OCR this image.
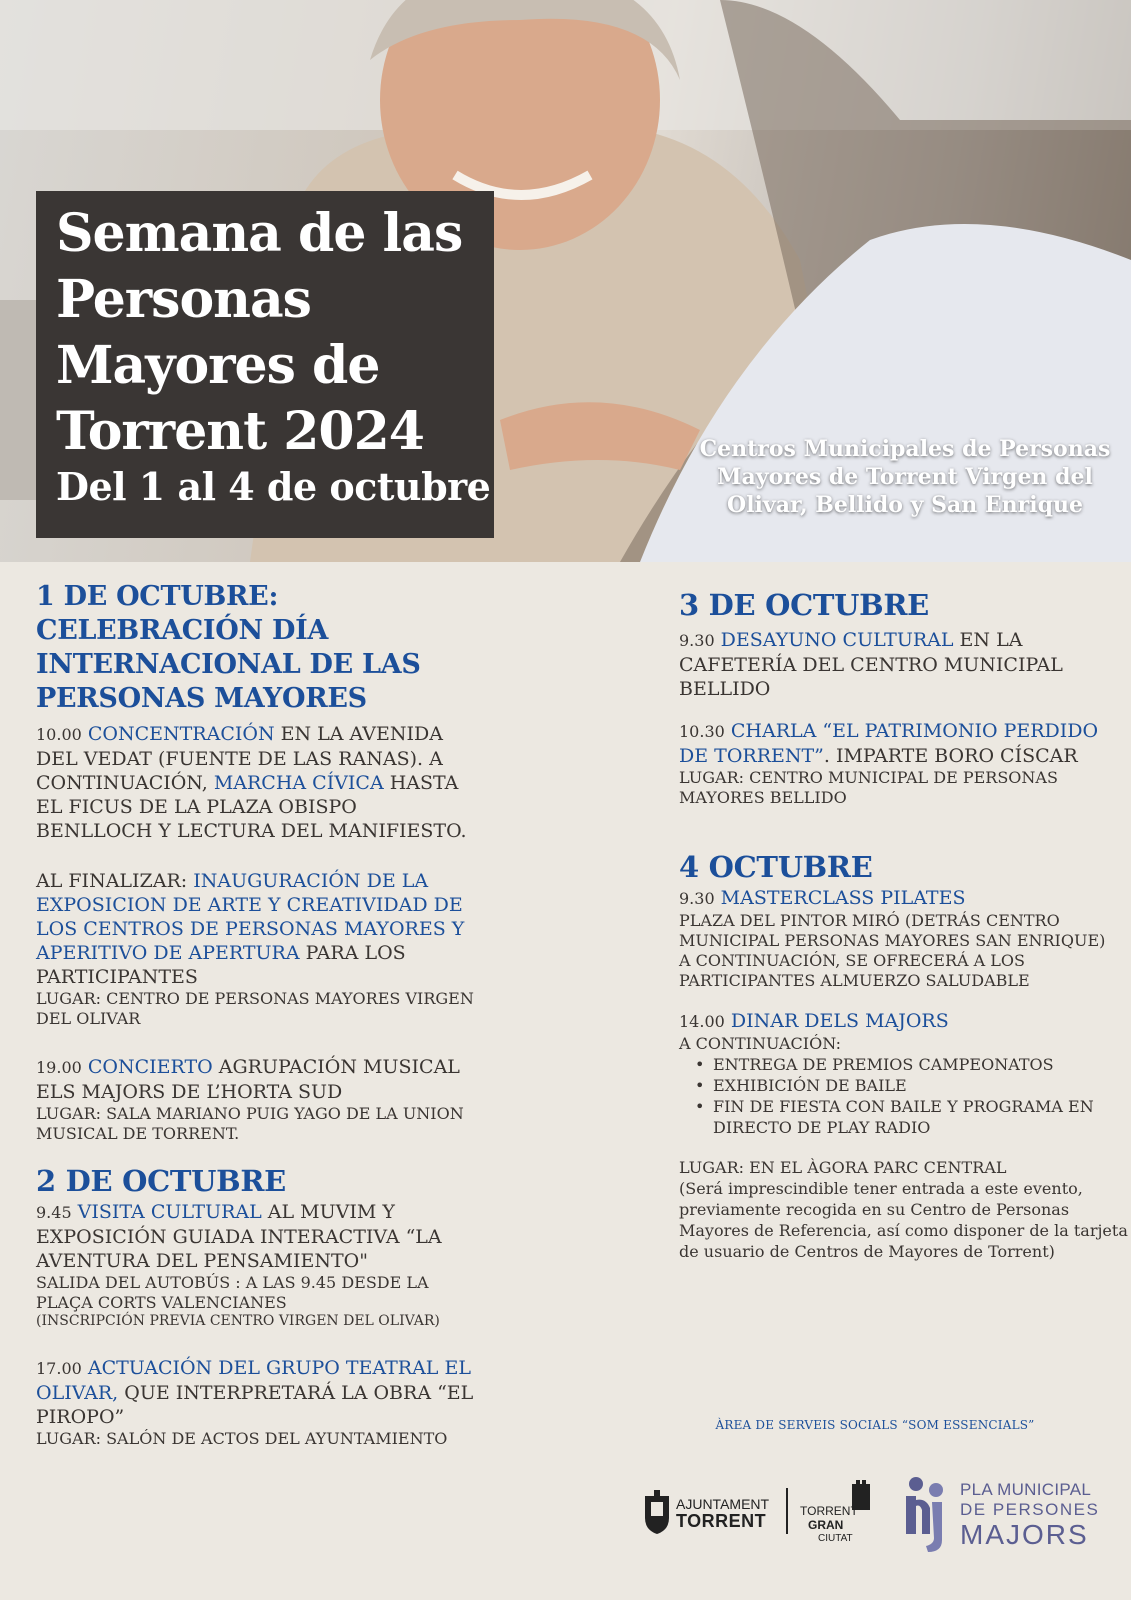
Semana de las Personas Mayores de Torrent 2024
Del 1 al 4 de octubre
Centros Municipales de Personas Mayores de Torrent Virgen del Olivar, Bellido y San Enrique
1 DE OCTUBRE: CELEBRACIÓN DÍA INTERNACIONAL DE LAS PERSONAS MAYORES

10.00 CONCENTRACIÓN EN LA AVENIDA DEL VEDAT (FUENTE DE LAS RANAS). A CONTINUACIÓN, MARCHA CÍVICA HASTA EL FICUS DE LA PLAZA OBISPO BENLLOCH Y LECTURA DEL MANIFIESTO.

AL FINALIZAR: INAUGURACIÓN DE LA EXPOSICION DE ARTE Y CREATIVIDAD DE LOS CENTROS DE PERSONAS MAYORES Y APERITIVO DE APERTURA PARA LOS PARTICIPANTES

LUGAR: CENTRO DE PERSONAS MAYORES VIRGEN DEL OLIVAR

19.00 CONCIERTO AGRUPACIÓN MUSICAL ELS MAJORS DE L’HORTA SUD

LUGAR: SALA MARIANO PUIG YAGO DE LA UNION MUSICAL DE TORRENT.

2 DE OCTUBRE

9.45 VISITA CULTURAL AL MUVIM Y EXPOSICIÓN GUIADA INTERACTIVA “LA AVENTURA DEL PENSAMIENTO"

SALIDA DEL AUTOBÚS : A LAS 9.45 DESDE LA PLAÇA CORTS VALENCIANES

(INSCRIPCIÓN PREVIA CENTRO VIRGEN DEL OLIVAR)

17.00 ACTUACIÓN DEL GRUPO TEATRAL EL OLIVAR, QUE INTERPRETARÁ LA OBRA “EL PIROPO”

LUGAR: SALÓN DE ACTOS DEL AYUNTAMIENTO

3 DE OCTUBRE

9.30 DESAYUNO CULTURAL EN LA CAFETERÍA DEL CENTRO MUNICIPAL BELLIDO

10.30 CHARLA “EL PATRIMONIO PERDIDO DE TORRENT”. IMPARTE BORO CÍSCAR

LUGAR: CENTRO MUNICIPAL DE PERSONAS MAYORES BELLIDO

4 OCTUBRE

9.30 MASTERCLASS PILATES

PLAZA DEL PINTOR MIRÓ (DETRÁS CENTRO MUNICIPAL PERSONAS MAYORES SAN ENRIQUE)

A CONTINUACIÓN, SE OFRECERÁ A LOS PARTICIPANTES ALMUERZO SALUDABLE

14.00 DINAR DELS MAJORS

A CONTINUACIÓN:

• ENTREGA DE PREMIOS CAMPEONATOS
• EXHIBICIÓN DE BAILE
• FIN DE FIESTA CON BAILE Y PROGRAMA EN DIRECTO DE PLAY RADIO

LUGAR: EN EL ÀGORA PARC CENTRAL

(Será imprescindible tener entrada a este evento, previamente recogida en su Centro de Personas Mayores de Referencia, así como disponer de la tarjeta de usuario de Centros de Mayores de Torrent)

ÀREA DE SERVEIS SOCIALS “SOM ESSENCIALS”
AJUNTAMENT
TORRENT	TORRENT
GRAN
CIUTAT
PLA MUNICIPAL
DE PERSONES
MAJORS
